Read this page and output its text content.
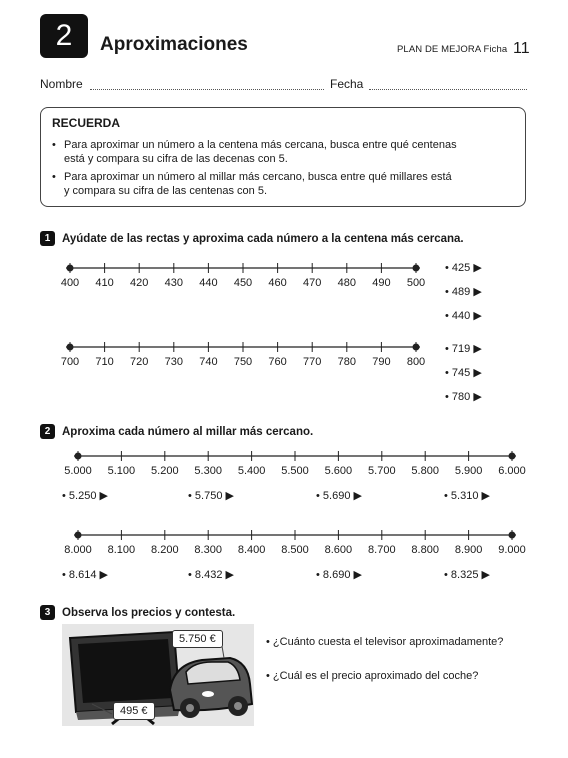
2 Aproximaciones	PLAN DE MEJORA Ficha 11
Nombre	Fecha
RECUERDA
• Para aproximar un número a la centena más cercana, busca entre qué centenas
está y compara su cifra de las decenas con 5.
• Para aproximar un número al millar más cercano, busca entre qué millares está
y compara su cifra de las centenas con 5.
1	Ayúdate de las rectas y aproxima cada número a la centena más cercana.
400 410 420 430 440 450 460 470 480 490 500
700 710 720 730 740 750 760 770 780 790 800
5.000 5.100 5.200 5.300 5.400 5.500 5.600 5.700 5.800 5.900 6.000
8.000 8.100 8.200 8.300 8.400 8.500 8.600 8.700 8.800 8.900 9.000
• 425 ▶
• 489 ▶
• 440 ▶
• 719 ▶
• 745 ▶
• 780 ▶
2	Aproxima cada número al millar más cercano.
• 5.250 ▶	• 5.750 ▶	• 5.690 ▶	• 5.310 ▶
• 8.614 ▶	• 8.432 ▶	• 8.690 ▶	• 8.325 ▶
3	Observa los precios y contesta.
5.750 €
495 €
• ¿Cuánto cuesta el televisor aproximadamente?
• ¿Cuál es el precio aproximado del coche?
